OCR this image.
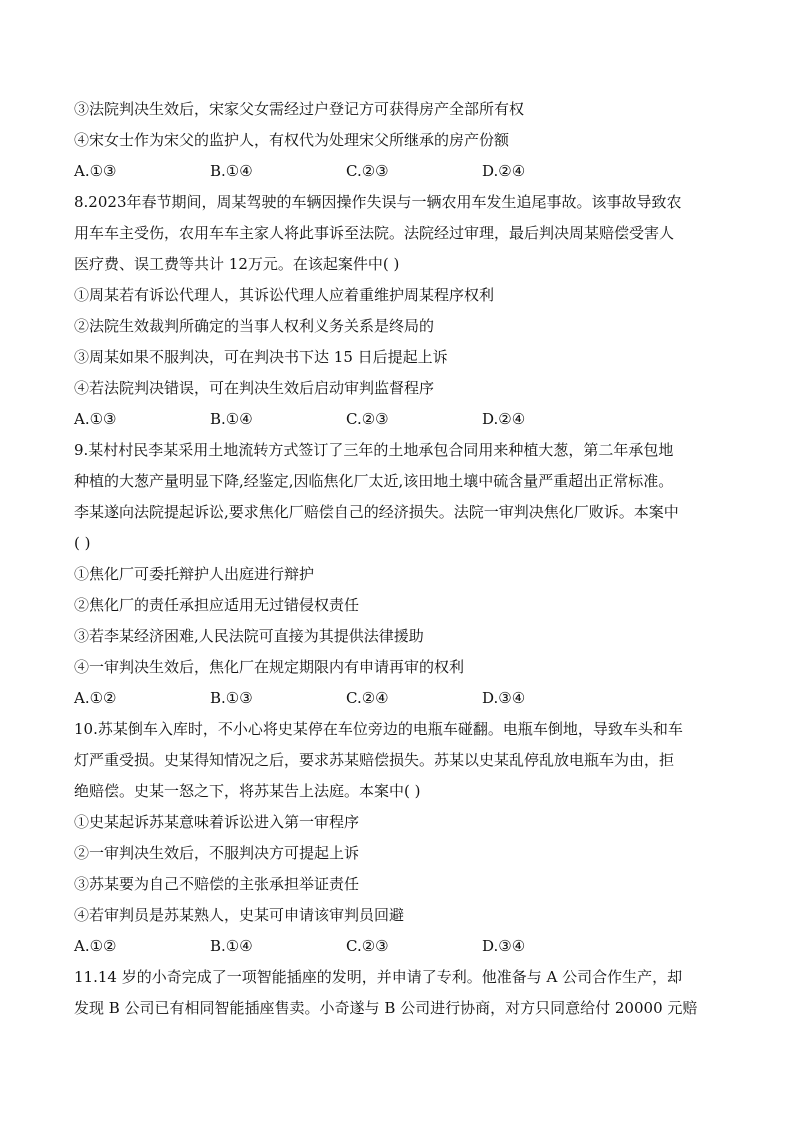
③法院判决生效后，宋家父女需经过户登记方可获得房产全部所有权
④宋女士作为宋父的监护人，有权代为处理宋父所继承的房产份额
A.①③	B.①④	C.②③	D.②④
8.2023年春节期间，周某驾驶的车辆因操作失误与一辆农用车发生追尾事故。该事故导致农
用车车主受伤，农用车车主家人将此事诉至法院。法院经过审理，最后判决周某赔偿受害人
医疗费、误工费等共计 12万元。在该起案件中( )
①周某若有诉讼代理人，其诉讼代理人应着重维护周某程序权利
②法院生效裁判所确定的当事人权利义务关系是终局的
③周某如果不服判决，可在判决书下达 15 日后提起上诉
④若法院判决错误，可在判决生效后启动审判监督程序
A.①③	B.①④	C.②③	D.②④
9.某村村民李某采用土地流转方式签订了三年的土地承包合同用来种植大葱，第二年承包地
种植的大葱产量明显下降,经鉴定,因临焦化厂太近,该田地土壤中硫含量严重超出正常标准。
李某遂向法院提起诉讼,要求焦化厂赔偿自己的经济损失。法院一审判决焦化厂败诉。本案中
( )
①焦化厂可委托辩护人出庭进行辩护
②焦化厂的责任承担应适用无过错侵权责任
③若李某经济困难,人民法院可直接为其提供法律援助
④一审判决生效后，焦化厂在规定期限内有申请再审的权利
A.①②	B.①③	C.②④	D.③④
10.苏某倒车入库时，不小心将史某停在车位旁边的电瓶车碰翻。电瓶车倒地，导致车头和车
灯严重受损。史某得知情况之后，要求苏某赔偿损失。苏某以史某乱停乱放电瓶车为由，拒
绝赔偿。史某一怒之下，将苏某告上法庭。本案中( )
①史某起诉苏某意味着诉讼进入第一审程序
②一审判决生效后，不服判决方可提起上诉
③苏某要为自己不赔偿的主张承担举证责任
④若审判员是苏某熟人，史某可申请该审判员回避
A.①②	B.①④	C.②③	D.③④
11.14 岁的小奇完成了一项智能插座的发明，并申请了专利。他准备与 A 公司合作生产，却
发现 B 公司已有相同智能插座售卖。小奇遂与 B 公司进行协商，对方只同意给付 20000 元赔
